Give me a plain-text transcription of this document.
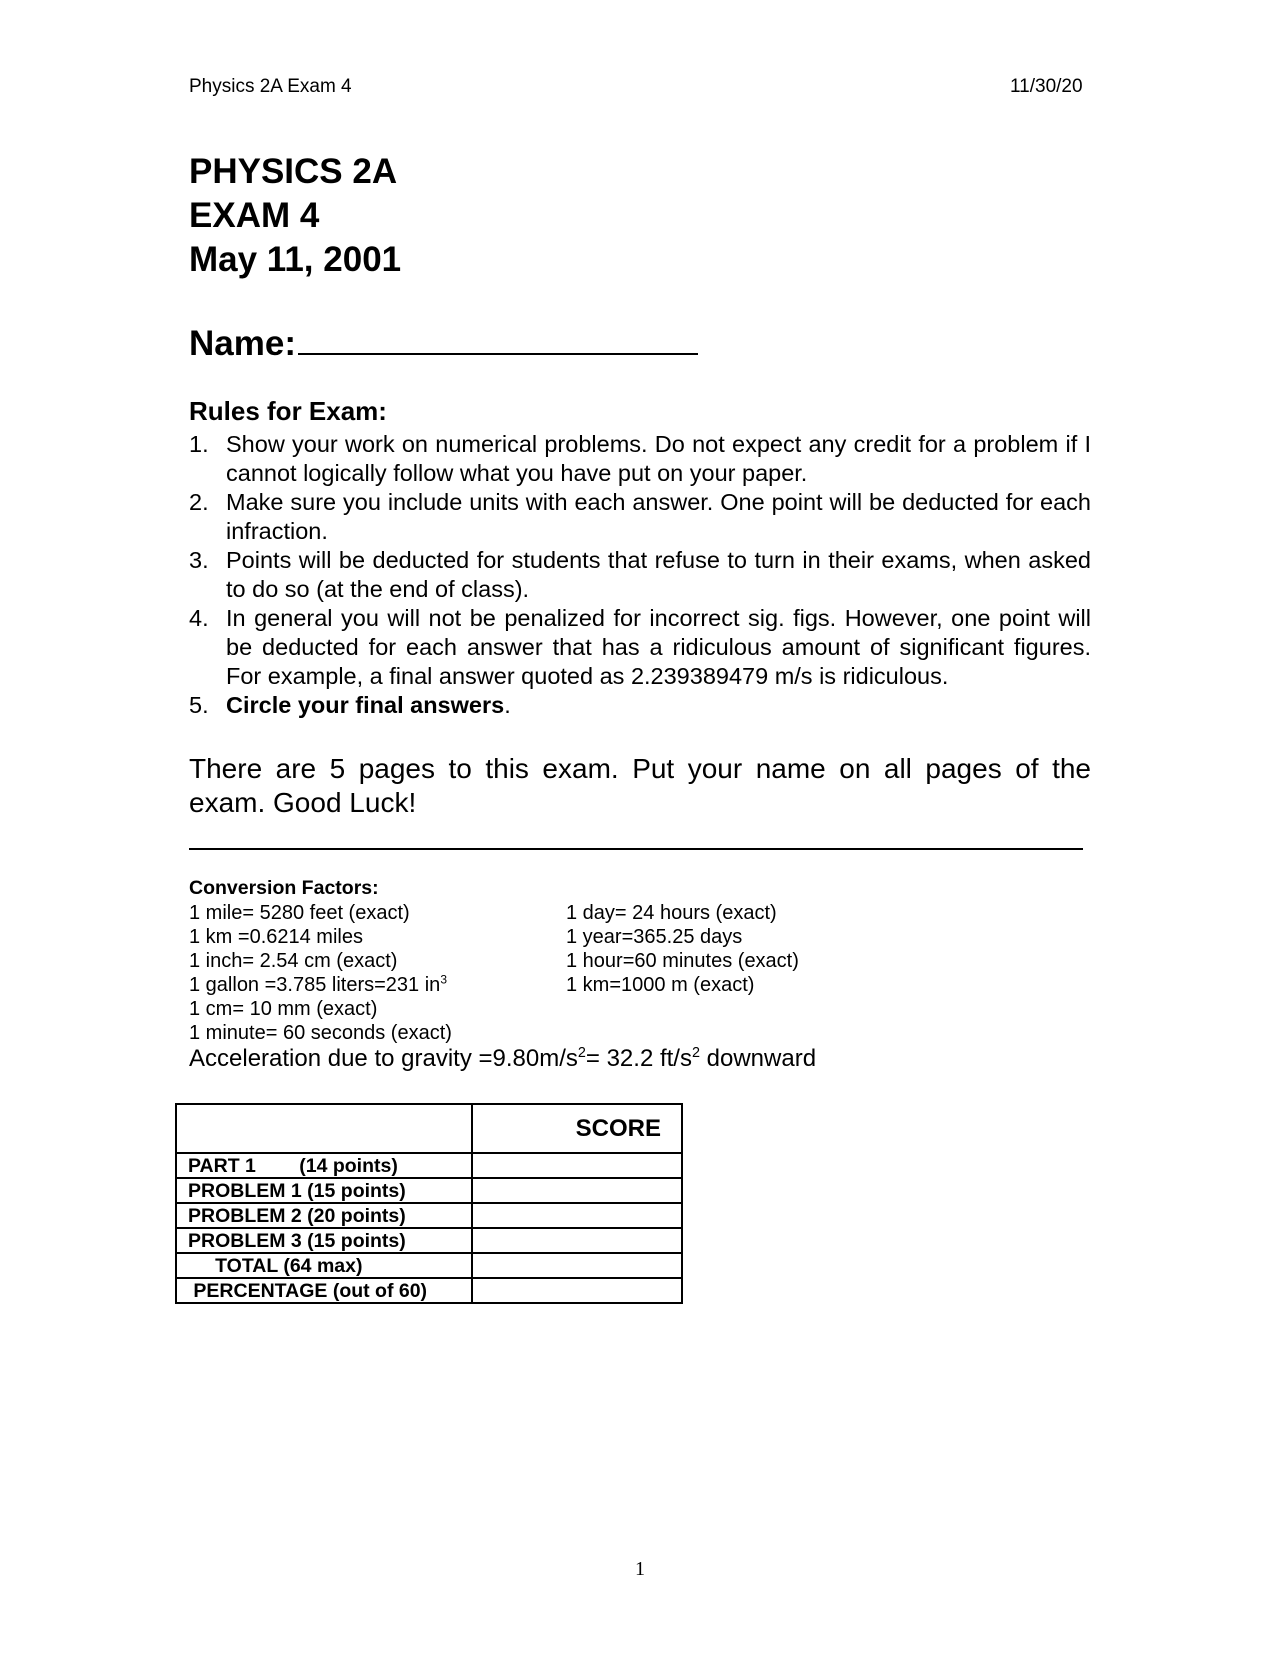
Physics 2A Exam 4	11/30/20
PHYSICS 2A
EXAM 4
May 11, 2001
Name:
Rules for Exam:
1. Show your work on numerical problems. Do not expect any credit for a problem if I cannot logically follow what you have put on your paper.
2. Make sure you include units with each answer. One point will be deducted for each infraction.
3. Points will be deducted for students that refuse to turn in their exams, when asked to do so (at the end of class).
4. In general you will not be penalized for incorrect sig. figs. However, one point will be deducted for each answer that has a ridiculous amount of significant figures. For example, a final answer quoted as 2.239389479 m/s is ridiculous.
5. Circle your final answers.
There are 5 pages to this exam. Put your name on all pages of the exam. Good Luck!
Conversion Factors:
1 mile= 5280 feet (exact)
1 km =0.6214 miles
1 inch= 2.54 cm (exact)
1 gallon =3.785 liters=231 $in^3$
1 cm= 10 mm (exact)
1 minute= 60 seconds (exact)
1 day= 24 hours (exact)
1 year=365.25 days
1 hour=60 minutes (exact)
1 km=1000 m (exact)
Acceleration due to gravity $=9.80m/s^2= 32.2$ $ft/s^2$ downward
	SCORE
PART 1        (14 points)	
PROBLEM 1 (15 points)	
PROBLEM 2 (20 points)	
PROBLEM 3 (15 points)	
TOTAL (64 max)	
PERCENTAGE (out of 60)	
1
